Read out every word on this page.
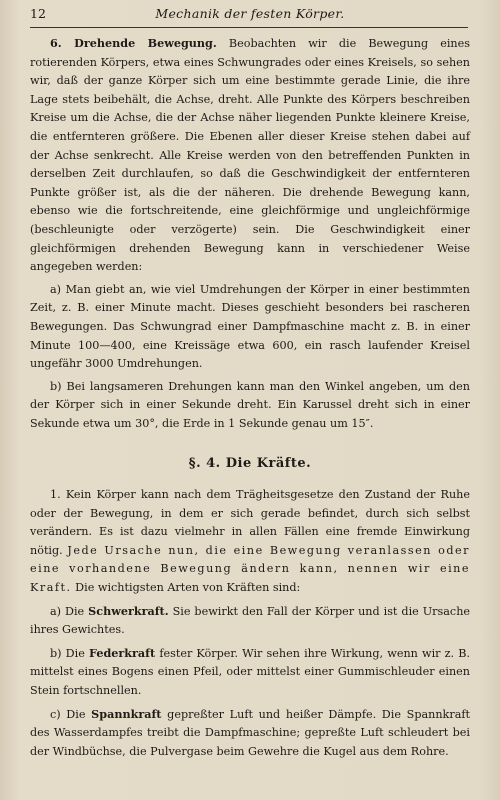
12	Mechanik der festen Körper.

6. Drehende Bewegung. Beobachten wir die Bewegung eines rotierenden Körpers, etwa eines Schwungrades oder eines Kreisels, so sehen wir, daß der ganze Körper sich um eine bestimmte gerade Linie, die ihre Lage stets beibehält, die Achse, dreht. Alle Punkte des Körpers beschreiben Kreise um die Achse, die der Achse näher liegenden Punkte kleinere Kreise, die entfernteren größere. Die Ebenen aller dieser Kreise stehen dabei auf der Achse senkrecht. Alle Kreise werden von den betreffenden Punkten in derselben Zeit durchlaufen, so daß die Geschwindigkeit der entfernteren Punkte größer ist, als die der näheren. Die drehende Bewegung kann, ebenso wie die fortschreitende, eine gleichförmige und ungleichförmige (beschleunigte oder verzögerte) sein. Die Geschwindigkeit einer gleichförmigen drehenden Bewegung kann in verschiedener Weise angegeben werden:

a) Man giebt an, wie viel Umdrehungen der Körper in einer bestimmten Zeit, z. B. einer Minute macht. Dieses geschieht besonders bei rascheren Bewegungen. Das Schwungrad einer Dampfmaschine macht z. B. in einer Minute 100—400, eine Kreissäge etwa 600, ein rasch laufender Kreisel ungefähr 3000 Umdrehungen.

b) Bei langsameren Drehungen kann man den Winkel angeben, um den der Körper sich in einer Sekunde dreht. Ein Karussel dreht sich in einer Sekunde etwa um 30°, die Erde in 1 Sekunde genau um 15″.

§. 4. Die Kräfte.

1. Kein Körper kann nach dem Trägheitsgesetze den Zustand der Ruhe oder der Bewegung, in dem er sich gerade befindet, durch sich selbst verändern. Es ist dazu vielmehr in allen Fällen eine fremde Einwirkung nötig. Jede Ursache nun, die eine Bewegung veranlassen oder eine vorhandene Bewegung ändern kann, nennen wir eine Kraft. Die wichtigsten Arten von Kräften sind:

a) Die Schwerkraft. Sie bewirkt den Fall der Körper und ist die Ursache ihres Gewichtes.

b) Die Federkraft fester Körper. Wir sehen ihre Wirkung, wenn wir z. B. mittelst eines Bogens einen Pfeil, oder mittelst einer Gummischleuder einen Stein fortschnellen.

c) Die Spannkraft gepreßter Luft und heißer Dämpfe. Die Spannkraft des Wasserdampfes treibt die Dampfmaschine; gepreßte Luft schleudert bei der Windbüchse, die Pulvergase beim Gewehre die Kugel aus dem Rohre.
